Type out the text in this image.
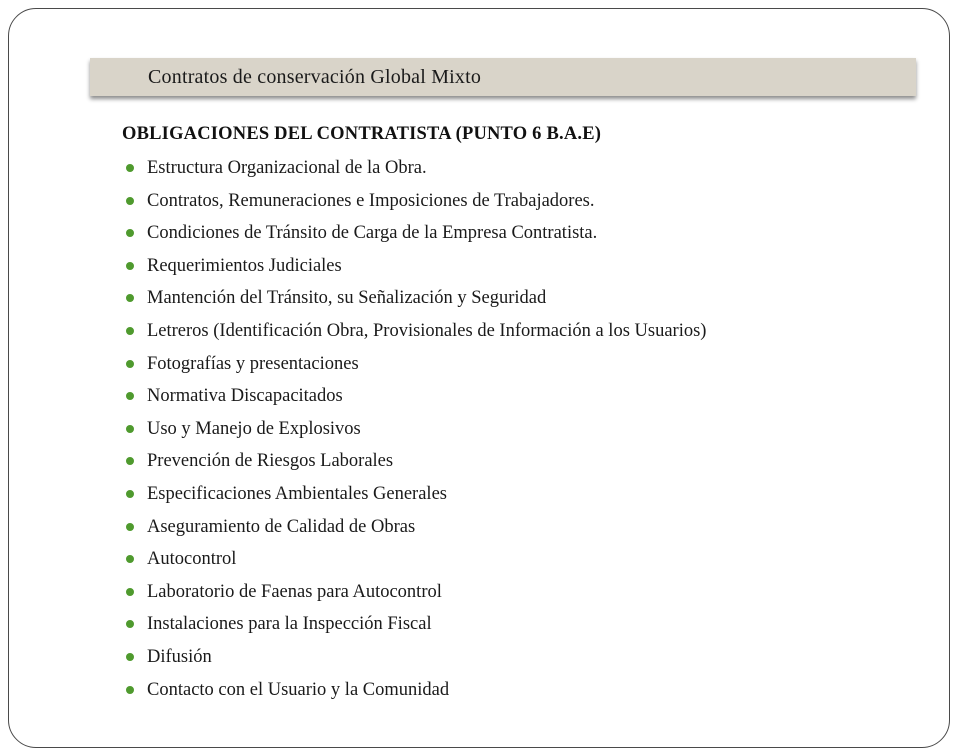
Contratos de conservación Global Mixto
OBLIGACIONES DEL CONTRATISTA (PUNTO 6 B.A.E)
Estructura Organizacional de la Obra.
Contratos, Remuneraciones e Imposiciones de Trabajadores.
Condiciones de Tránsito de Carga de la Empresa Contratista.
Requerimientos Judiciales
Mantención del Tránsito, su Señalización y Seguridad
Letreros (Identificación Obra, Provisionales de Información a los Usuarios)
Fotografías y presentaciones
Normativa Discapacitados
Uso y Manejo de Explosivos
Prevención de Riesgos Laborales
Especificaciones Ambientales Generales
Aseguramiento de Calidad de Obras
Autocontrol
Laboratorio de Faenas para Autocontrol
Instalaciones para la Inspección Fiscal
Difusión
Contacto con el Usuario y la Comunidad
